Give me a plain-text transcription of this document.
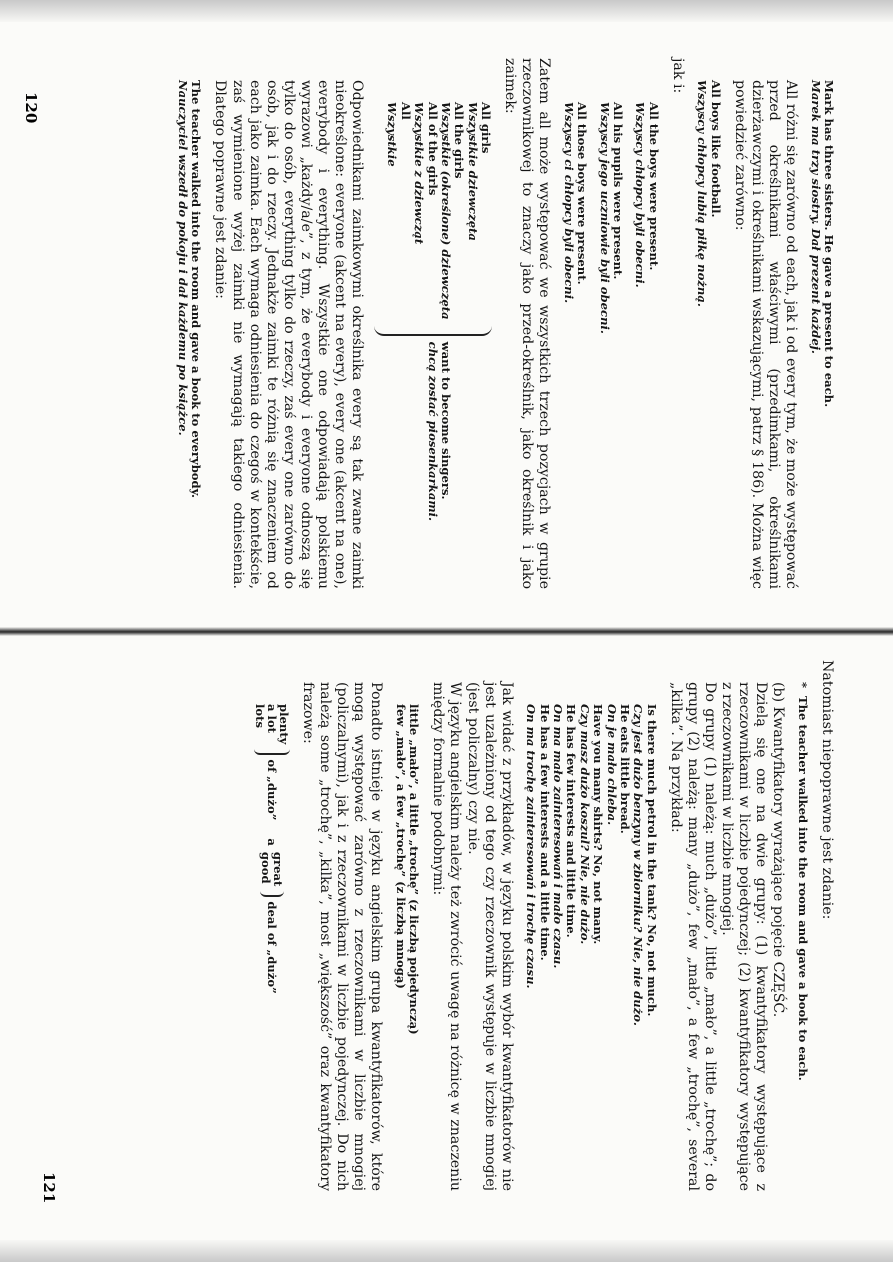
120
121
Mark has three sisters. He gave a present to each.
Marek ma trzy siostry. Dał prezent każdej.

All różni się zarówno od each, jak i od every tym, że może występować przed określnikami właściwymi (przedimkami, określnikami dzierżawczymi i określnikami wskazującymi, patrz § 186). Można więc powiedzieć zarówno:

All boys like football.
Wszyscy chłopcy lubią piłkę nożną.

jak i:

All the boys were present.
Wszyscy chłopcy byli obecni.
All his pupils were present.
Wszyscy jego uczniowie byli obecni.
All those boys were present.
Wszyscy ci chłopcy byli obecni.

Zatem all może występować we wszystkich trzech pozycjach w grupie rzeczownikowej to znaczy jako przed-określnik, jako określnik i jako zaimek:

All girls
Wszystkie dziewczęta
All the girls
Wszystkie (określone) dziewczęta
All of the girls
Wszystkie z dziewcząt
All
Wszystkie
want to become singers.
chcą zostać piosenkarkami.

Odpowiednikami zaimkowymi określnika every są tak zwane zaimki nieokreślone: everyone (akcent na every), every one (akcent na one), everybody i everything. Wszystkie one odpowiadają polskiemu wyrazowi „każdy/a/e”, z tym, że everybody i everyone odnoszą się tylko do osób, everything tylko do rzeczy, zaś every one zarówno do osób, jak i do rzeczy. Jednakże zaimki te różnią się znaczeniem od each jako zaimka. Each wymaga odniesienia do czegoś w kontekście, zaś wymienione wyżej zaimki nie wymagają takiego odniesienia. Dlatego poprawne jest zdanie:

The teacher walked into the room and gave a book to everybody.
Nauczyciel wszedł do pokoju i dał każdemu po książce.

Natomiast niepoprawne jest zdanie:

*The teacher walked into the room and gave a book to each.

(b) Kwantyfikatory wyrażające pojęcie CZĘŚĆ.

Dzielą się one na dwie grupy: (1) kwantyfikatory występujące z rzeczownikami w liczbie pojedynczej; (2) kwantyfikatory występujące z rzeczownikami w liczbie mnogiej.

Do grupy (1) należą: much „dużo”, little „mało”, a little „trochę”; do grupy (2) należą: many „dużo”, few „mało”, a few „trochę”, several „kilka”. Na przykład:

Is there much petrol in the tank? No, not much.
Czy jest dużo benzyny w zbiorniku? Nie, nie dużo.
He eats little bread.
On je mało chleba.
Have you many shirts? No, not many.
Czy masz dużo koszul? Nie, nie dużo.
He has few interests and little time.
On ma mało zainteresowań i mało czasu.
He has a few interests and a little time.
On ma trochę zainteresowań i trochę czasu.

Jak widać z przykładów, w języku polskim wybór kwantyfikatorów nie jest uzależniony od tego czy rzeczownik występuje w liczbie mnogiej (jest policzalny) czy nie.

W języku angielskim należy też zwrócić uwagę na różnicę w znaczeniu między formalnie podobnymi:

little „mało”, a little „trochę” (z liczbą pojedynczą)
few „mało”, a few „trochę” (z liczbą mnogą)

Ponadto istnieje w języku angielskim grupa kwantyfikatorów, które mogą występować zarówno z rzeczownikami w liczbie mnogiej (policzalnymi), jak i z rzeczownikami w liczbie pojedynczej. Do nich należą some „trochę”, „kilka”, most „większość” oraz kwantyfikatory frazowe:

plenty
a lot
lots
of „dużo”
a
great
good
deal of „dużo”
